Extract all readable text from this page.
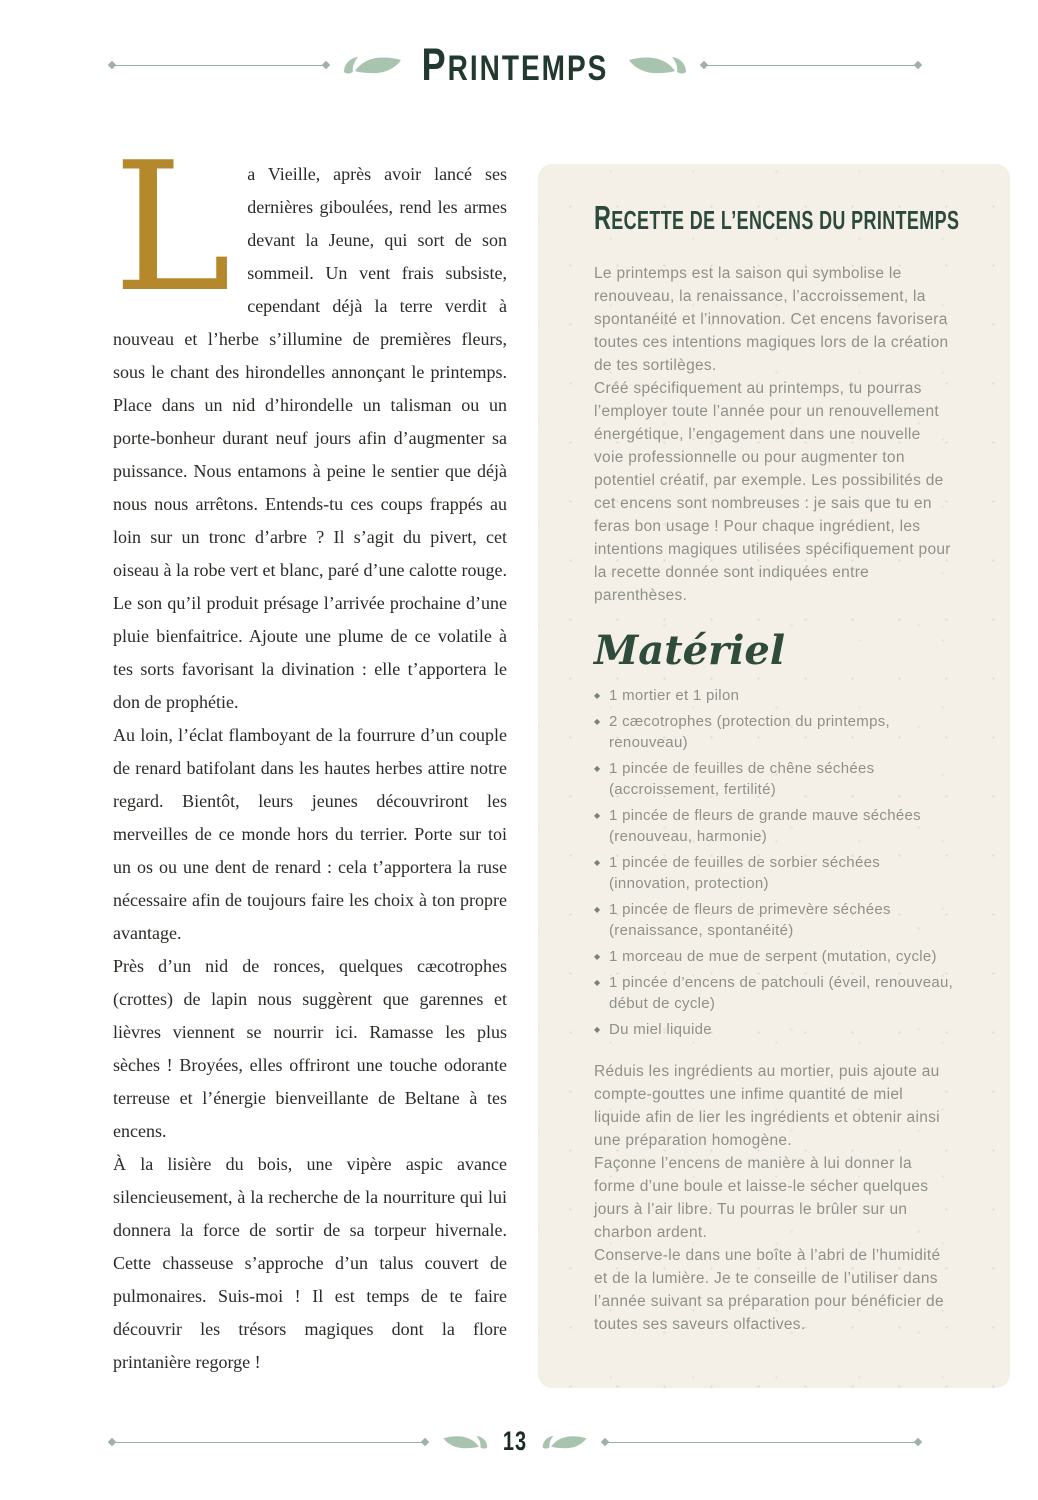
PRINTEMPS

La Vieille, après avoir lancé ses dernières giboulées, rend les armes devant la Jeune, qui sort de son sommeil. Un vent frais subsiste, cependant déjà la terre verdit à nouveau et l’herbe s’illumine de premières fleurs, sous le chant des hirondelles annonçant le printemps. Place dans un nid d’hirondelle un talisman ou un porte-bonheur durant neuf jours afin d’augmenter sa puissance. Nous entamons à peine le sentier que déjà nous nous arrêtons. Entends-tu ces coups frappés au loin sur un tronc d’arbre ? Il s’agit du pivert, cet oiseau à la robe vert et blanc, paré d’une calotte rouge. Le son qu’il produit présage l’arrivée prochaine d’une pluie bienfaitrice. Ajoute une plume de ce volatile à tes sorts favorisant la divination : elle t’apportera le don de prophétie.

Au loin, l’éclat flamboyant de la fourrure d’un couple de renard batifolant dans les hautes herbes attire notre regard. Bientôt, leurs jeunes découvriront les merveilles de ce monde hors du terrier. Porte sur toi un os ou une dent de renard : cela t’apportera la ruse nécessaire afin de toujours faire les choix à ton propre avantage.

Près d’un nid de ronces, quelques cæcotrophes (crottes) de lapin nous suggèrent que garennes et lièvres viennent se nourrir ici. Ramasse les plus sèches ! Broyées, elles offriront une touche odorante terreuse et l’énergie bienveillante de Beltane à tes encens.

À la lisière du bois, une vipère aspic avance silencieusement, à la recherche de la nourriture qui lui donnera la force de sortir de sa torpeur hivernale. Cette chasseuse s’approche d’un talus couvert de pulmonaires. Suis-moi ! Il est temps de te faire découvrir les trésors magiques dont la flore printanière regorge !

RECETTE DE L’ENCENS DU PRINTEMPS

Le printemps est la saison qui symbolise le renouveau, la renaissance, l’accroissement, la spontanéité et l’innovation. Cet encens favorisera toutes ces intentions magiques lors de la création de tes sortilèges.

Créé spécifiquement au printemps, tu pourras l’employer toute l’année pour un renouvellement énergétique, l’engagement dans une nouvelle voie professionnelle ou pour augmenter ton potentiel créatif, par exemple. Les possibilités de cet encens sont nombreuses : je sais que tu en feras bon usage ! Pour chaque ingrédient, les intentions magiques utilisées spécifiquement pour la recette donnée sont indiquées entre parenthèses.

Matériel
◆ 1 mortier et 1 pilon
◆ 2 cæcotrophes (protection du printemps, renouveau)
◆ 1 pincée de feuilles de chêne séchées (accroissement, fertilité)
◆ 1 pincée de fleurs de grande mauve séchées (renouveau, harmonie)
◆ 1 pincée de feuilles de sorbier séchées (innovation, protection)
◆ 1 pincée de fleurs de primevère séchées (renaissance, spontanéité)
◆ 1 morceau de mue de serpent (mutation, cycle)
◆ 1 pincée d’encens de patchouli (éveil, renouveau, début de cycle)
◆ Du miel liquide

Réduis les ingrédients au mortier, puis ajoute au compte-gouttes une infime quantité de miel liquide afin de lier les ingrédients et obtenir ainsi une préparation homogène.

Façonne l’encens de manière à lui donner la forme d’une boule et laisse-le sécher quelques jours à l’air libre. Tu pourras le brûler sur un charbon ardent.

Conserve-le dans une boîte à l’abri de l’humidité et de la lumière. Je te conseille de l’utiliser dans l’année suivant sa préparation pour bénéficier de toutes ses saveurs olfactives.

13
